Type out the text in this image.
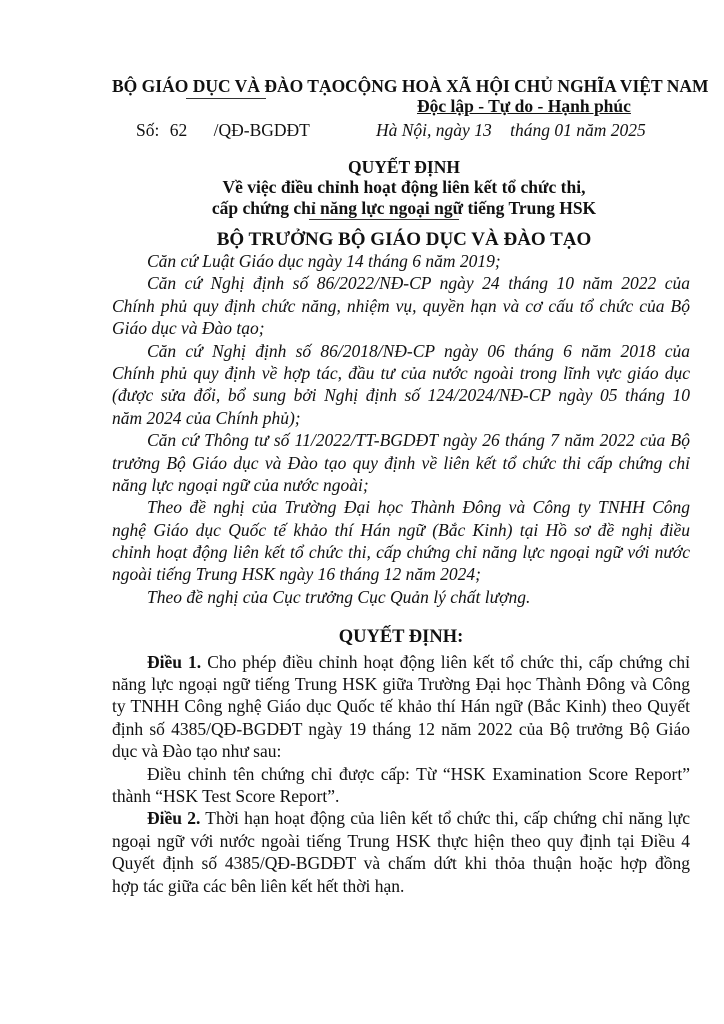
BỘ GIÁO DỤC VÀ ĐÀO TẠO CỘNG HOÀ XÃ HỘI CHỦ NGHĨA VIỆT NAM
Độc lập - Tự do - Hạnh phúc
Số: 62 /QĐ-BGDĐT	Hà Nội, ngày 13 tháng 01 năm 2025
QUYẾT ĐỊNH
Về việc điều chỉnh hoạt động liên kết tổ chức thi,
cấp chứng chỉ năng lực ngoại ngữ tiếng Trung HSK
BỘ TRƯỞNG BỘ GIÁO DỤC VÀ ĐÀO TẠO
Căn cứ Luật Giáo dục ngày 14 tháng 6 năm 2019;
Căn cứ Nghị định số 86/2022/NĐ-CP ngày 24 tháng 10 năm 2022 của
Chính phủ quy định chức năng, nhiệm vụ, quyền hạn và cơ cấu tổ chức của Bộ
Giáo dục và Đào tạo;
Căn cứ Nghị định số 86/2018/NĐ-CP ngày 06 tháng 6 năm 2018 của
Chính phủ quy định về hợp tác, đầu tư của nước ngoài trong lĩnh vực giáo dục
(được sửa đổi, bổ sung bởi Nghị định số 124/2024/NĐ-CP ngày 05 tháng 10
năm 2024 của Chính phủ);
Căn cứ Thông tư số 11/2022/TT-BGDĐT ngày 26 tháng 7 năm 2022 của Bộ
trưởng Bộ Giáo dục và Đào tạo quy định về liên kết tổ chức thi cấp chứng chỉ
năng lực ngoại ngữ của nước ngoài;
Theo đề nghị của Trường Đại học Thành Đông và Công ty TNHH Công
nghệ Giáo dục Quốc tế khảo thí Hán ngữ (Bắc Kinh) tại Hồ sơ đề nghị điều
chỉnh hoạt động liên kết tổ chức thi, cấp chứng chỉ năng lực ngoại ngữ với nước
ngoài tiếng Trung HSK ngày 16 tháng 12 năm 2024;
Theo đề nghị của Cục trưởng Cục Quản lý chất lượng.
QUYẾT ĐỊNH:
Điều 1. Cho phép điều chỉnh hoạt động liên kết tổ chức thi, cấp chứng chỉ
năng lực ngoại ngữ tiếng Trung HSK giữa Trường Đại học Thành Đông và Công
ty TNHH Công nghệ Giáo dục Quốc tế khảo thí Hán ngữ (Bắc Kinh) theo Quyết
định số 4385/QĐ-BGDĐT ngày 19 tháng 12 năm 2022 của Bộ trưởng Bộ Giáo
dục và Đào tạo như sau:
Điều chỉnh tên chứng chỉ được cấp: Từ “HSK Examination Score Report”
thành “HSK Test Score Report”.
Điều 2. Thời hạn hoạt động của liên kết tổ chức thi, cấp chứng chỉ năng lực
ngoại ngữ với nước ngoài tiếng Trung HSK thực hiện theo quy định tại Điều 4
Quyết định số 4385/QĐ-BGDĐT và chấm dứt khi thỏa thuận hoặc hợp đồng
hợp tác giữa các bên liên kết hết thời hạn.
